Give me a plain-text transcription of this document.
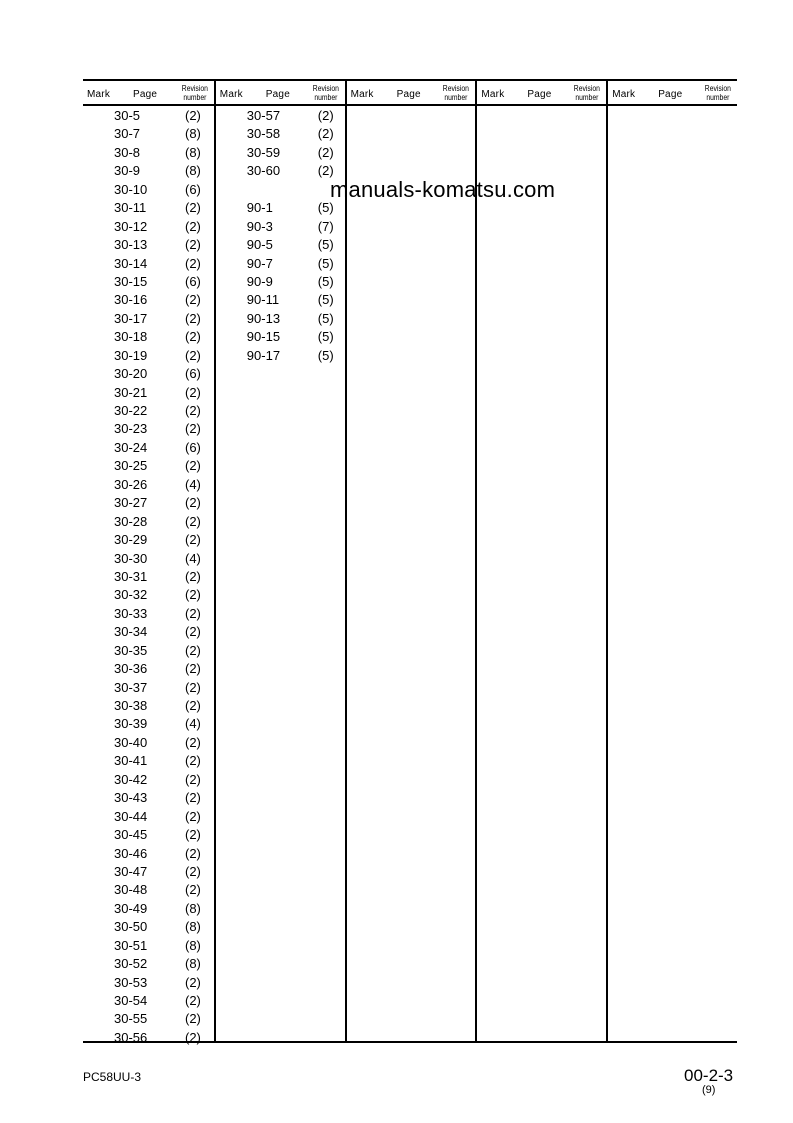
Mark Page
Revision
number
30-5	(2)
30-7	(8)
30-8	(8)
30-9	(8)
30-10	(6)
30-11	(2)
30-12	(2)
30-13	(2)
30-14	(2)
30-15	(6)
30-16	(2)
30-17	(2)
30-18	(2)
30-19	(2)
30-20	(6)
30-21	(2)
30-22	(2)
30-23	(2)
30-24	(6)
30-25	(2)
30-26	(4)
30-27	(2)
30-28	(2)
30-29	(2)
30-30	(4)
30-31	(2)
30-32	(2)
30-33	(2)
30-34	(2)
30-35	(2)
30-36	(2)
30-37	(2)
30-38	(2)
30-39	(4)
30-40	(2)
30-41	(2)
30-42	(2)
30-43	(2)
30-44	(2)
30-45	(2)
30-46	(2)
30-47	(2)
30-48	(2)
30-49	(8)
30-50	(8)
30-51	(8)
30-52	(8)
30-53	(2)
30-54	(2)
30-55	(2)
30-56	(2)
Mark Page
Revision
number
30-57	(2)
30-58	(2)
30-59	(2)
30-60	(2)
90-1	(5)
90-3	(7)
90-5	(5)
90-7	(5)
90-9	(5)
90-11	(5)
90-13	(5)
90-15	(5)
90-17	(5)
Mark Page
Revision
number	Mark Page
Revision
number	Mark Page
Revision
number
manuals-komatsu.com
PC58UU-3	00-2-3
(9)
